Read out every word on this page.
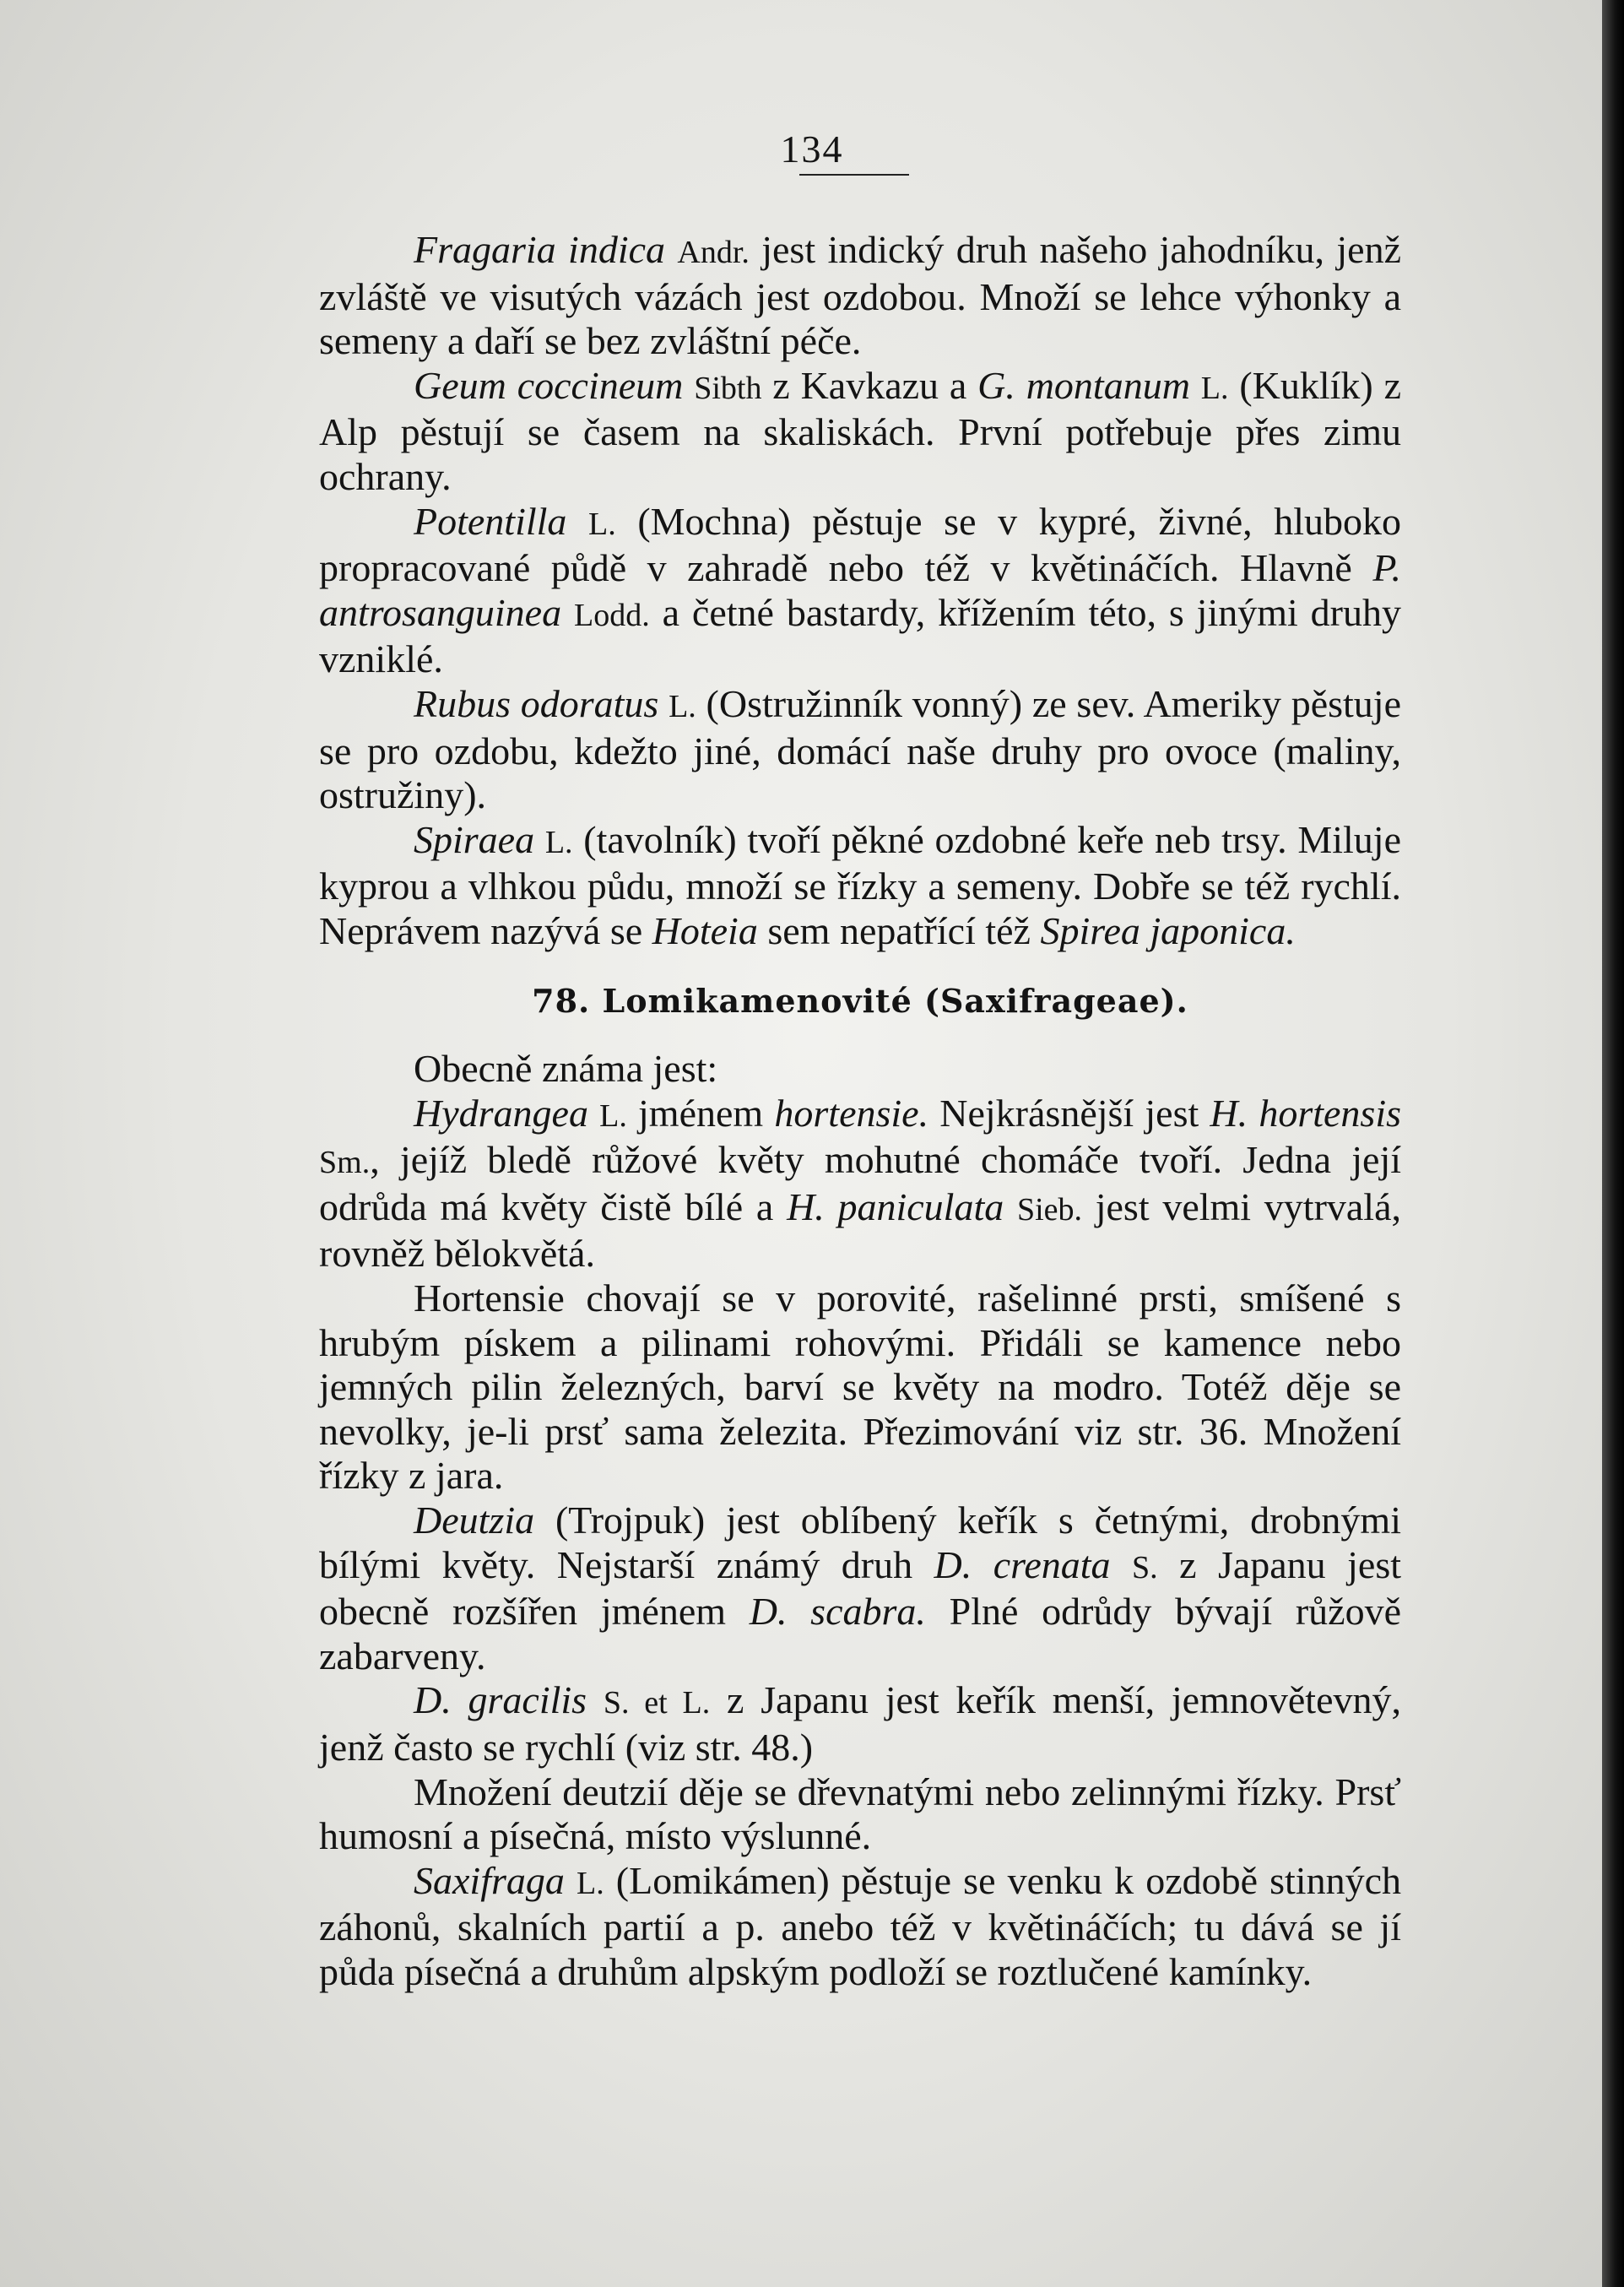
134

Fragaria indica Andr. jest indický druh našeho jahodníku, jenž zvláště ve visutých vázách jest ozdobou. Množí se lehce výhonky a semeny a daří se bez zvláštní péče.

Geum coccineum Sibth z Kavkazu a G. montanum L. (Kuklík) z Alp pěstují se časem na skaliskách. První potřebuje přes zimu ochrany.

Potentilla L. (Mochna) pěstuje se v kypré, živné, hluboko propracované půdě v zahradě nebo též v květináčích. Hlavně P. antrosanguinea Lodd. a četné bastardy, křížením této, s jinými druhy vzniklé.

Rubus odoratus L. (Ostružinník vonný) ze sev. Ameriky pěstuje se pro ozdobu, kdežto jiné, domácí naše druhy pro ovoce (maliny, ostružiny).

Spiraea L. (tavolník) tvoří pěkné ozdobné keře neb trsy. Miluje kyprou a vlhkou půdu, množí se řízky a semeny. Dobře se též rychlí. Neprávem nazývá se Hoteia sem nepatřící též Spirea japonica.

78. Lomikamenovité (Saxifrageae).

Obecně známa jest:

Hydrangea L. jménem hortensie. Nejkrásnější jest H. hortensis Sm., jejíž bledě růžové květy mohutné chomáče tvoří. Jedna její odrůda má květy čistě bílé a H. paniculata Sieb. jest velmi vytrvalá, rovněž bělokvětá.

Hortensie chovají se v porovité, rašelinné prsti, smíšené s hrubým pískem a pilinami rohovými. Přidáli se kamence nebo jemných pilin železných, barví se květy na modro. Totéž děje se nevolky, je-li prsť sama železita. Přezimování viz str. 36. Množení řízky z jara.

Deutzia (Trojpuk) jest oblíbený keřík s četnými, drobnými bílými květy. Nejstarší známý druh D. crenata S. z Japanu jest obecně rozšířen jménem D. scabra. Plné odrůdy bývají růžově zabarveny.

D. gracilis S. et L. z Japanu jest keřík menší, jemnovětevný, jenž často se rychlí (viz str. 48.)

Množení deutzií děje se dřevnatými nebo zelinnými řízky. Prsť humosní a písečná, místo výslunné.

Saxifraga L. (Lomikámen) pěstuje se venku k ozdobě stinných záhonů, skalních partií a p. anebo též v květináčích; tu dává se jí půda písečná a druhům alpským podloží se roztlučené kamínky.
